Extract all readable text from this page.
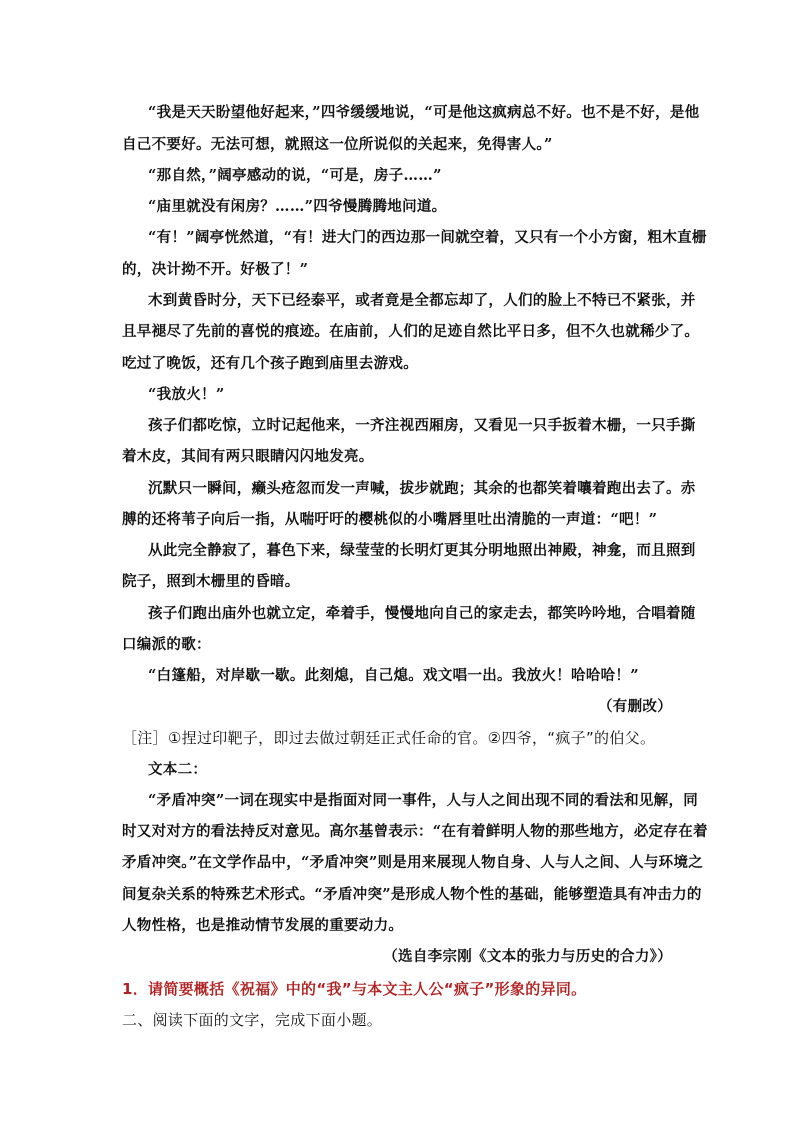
“我是天天盼望他好起来，”四爷缓缓地说，“可是他这疯病总不好。也不是不好，是他
自己不要好。无法可想，就照这一位所说似的关起来，免得害人。”
“那自然，”阔亭感动的说，“可是，房子……”
“庙里就没有闲房？……”四爷慢腾腾地问道。
“有！”阔亭恍然道，“有！进大门的西边那一间就空着，又只有一个小方窗，粗木直栅
的，决计拗不开。好极了！”
木到黄昏时分，天下已经泰平，或者竟是全都忘却了，人们的脸上不特已不紧张，并
且早褪尽了先前的喜悦的痕迹。在庙前，人们的足迹自然比平日多，但不久也就稀少了。
吃过了晚饭，还有几个孩子跑到庙里去游戏。
“我放火！”
孩子们都吃惊，立时记起他来，一齐注视西厢房，又看见一只手扳着木栅，一只手撕
着木皮，其间有两只眼睛闪闪地发亮。
沉默只一瞬间，癞头疮忽而发一声喊，拔步就跑；其余的也都笑着嚷着跑出去了。赤
膊的还将苇子向后一指，从喘吁吁的樱桃似的小嘴唇里吐出清脆的一声道：“吧！”
从此完全静寂了，暮色下来，绿莹莹的长明灯更其分明地照出神殿，神龛，而且照到
院子，照到木栅里的昏暗。
孩子们跑出庙外也就立定，牵着手，慢慢地向自己的家走去，都笑吟吟地，合唱着随
口编派的歌：
“白篷船，对岸歇一歇。此刻熄，自己熄。戏文唱一出。我放火！哈哈哈！”
（有删改）
［注］①捏过印靶子，即过去做过朝廷正式任命的官。②四爷，“疯子”的伯父。
文本二：
“矛盾冲突”一词在现实中是指面对同一事件，人与人之间出现不同的看法和见解，同
时又对对方的看法持反对意见。高尔基曾表示：“在有着鲜明人物的那些地方，必定存在着
矛盾冲突。”在文学作品中，“矛盾冲突”则是用来展现人物自身、人与人之间、人与环境之
间复杂关系的特殊艺术形式。“矛盾冲突”是形成人物个性的基础，能够塑造具有冲击力的
人物性格，也是推动情节发展的重要动力。
（选自李宗刚《文本的张力与历史的合力》）
1．请简要概括《祝福》中的“我”与本文主人公“疯子”形象的异同。
二、阅读下面的文字，完成下面小题。
